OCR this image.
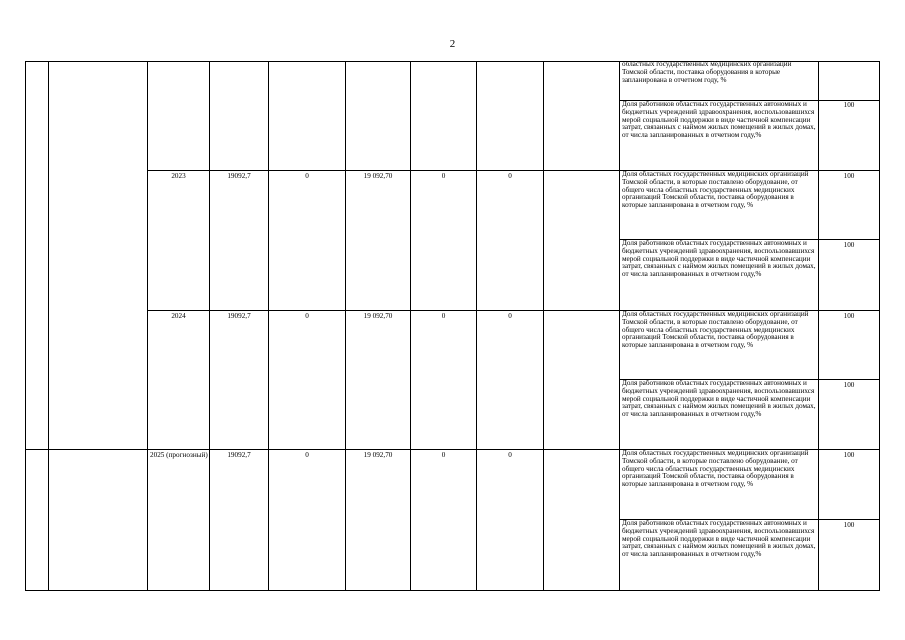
2
областных государственных медицинских организаций Томской области, поставка оборудования в которые запланирована в отчетном году, %
Доля работников областных государственных автономных и бюджетных учреждений здравоохранения, воспользовавшихся мерой социальной поддержки в виде частичной компенсации затрат, связанных с наймом жилых помещений в жилых домах, от числа запланированных в отчетном году,%
100
2023	19092,7	0	19 092,70	0	0	Доля областных государственных медицинских организаций Томской области, в которые поставлено оборудование, от общего числа областных государственных медицинских организаций Томской области, поставка оборудования в которые запланирована в отчетном году, %
100
Доля работников областных государственных автономных и бюджетных учреждений здравоохранения, воспользовавшихся мерой социальной поддержки в виде частичной компенсации затрат, связанных с наймом жилых помещений в жилых домах, от числа запланированных в отчетном году,%
100
2024	19092,7	0	19 092,70	0	0	Доля областных государственных медицинских организаций Томской области, в которые поставлено оборудование, от общего числа областных государственных медицинских организаций Томской области, поставка оборудования в которые запланирована в отчетном году, %
100
Доля работников областных государственных автономных и бюджетных учреждений здравоохранения, воспользовавшихся мерой социальной поддержки в виде частичной компенсации затрат, связанных с наймом жилых помещений в жилых домах, от числа запланированных в отчетном году,%
100
2025 (прогнозный)	19092,7	0	19 092,70	0	0	Доля областных государственных медицинских организаций Томской области, в которые поставлено оборудование, от общего числа областных государственных медицинских организаций Томской области, поставка оборудования в которые запланирована в отчетном году, %
100
Доля работников областных государственных автономных и бюджетных учреждений здравоохранения, воспользовавшихся мерой социальной поддержки в виде частичной компенсации затрат, связанных с наймом жилых помещений в жилых домах, от числа запланированных в отчетном году,%
100
